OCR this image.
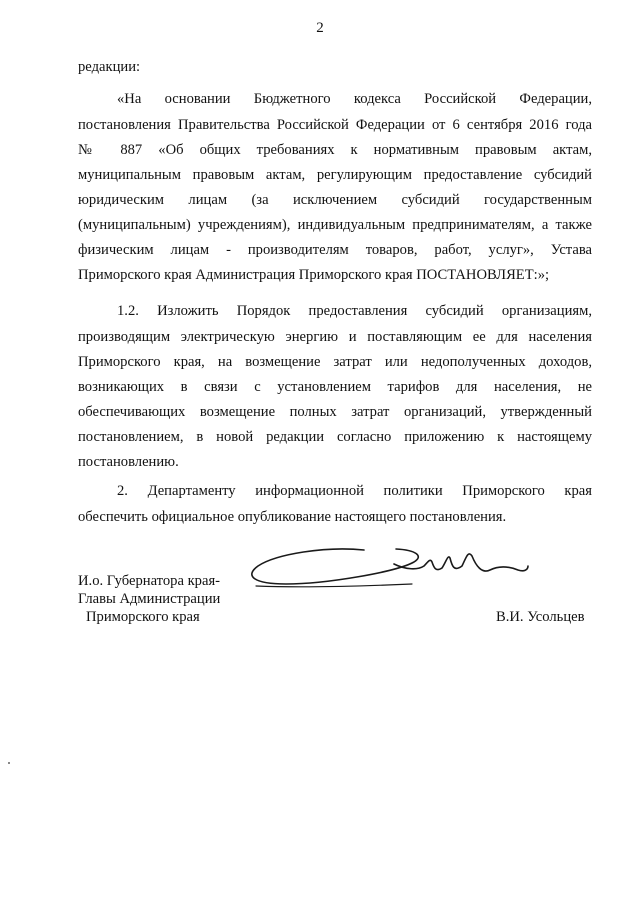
2
редакции:
«На основании Бюджетного кодекса Российской Федерации,
постановления Правительства Российской Федерации от 6 сентября 2016 года
№ 887 «Об общих требованиях к нормативным правовым актам,
муниципальным правовым актам, регулирующим предоставление субсидий
юридическим лицам (за исключением субсидий государственным
(муниципальным) учреждениям), индивидуальным предпринимателям, а также
физическим лицам - производителям товаров, работ, услуг», Устава
Приморского края Администрация Приморского края ПОСТАНОВЛЯЕТ:»;
1.2. Изложить Порядок предоставления субсидий организациям,
производящим электрическую энергию и поставляющим ее для населения
Приморского края, на возмещение затрат или недополученных доходов,
возникающих в связи с установлением тарифов для населения, не
обеспечивающих возмещение полных затрат организаций, утвержденный
постановлением, в новой редакции согласно приложению к настоящему
постановлению.
2. Департаменту информационной политики Приморского края
обеспечить официальное опубликование настоящего постановления.
И.о. Губернатора края-
Главы Администрации
Приморского края	В.И. Усольцев
